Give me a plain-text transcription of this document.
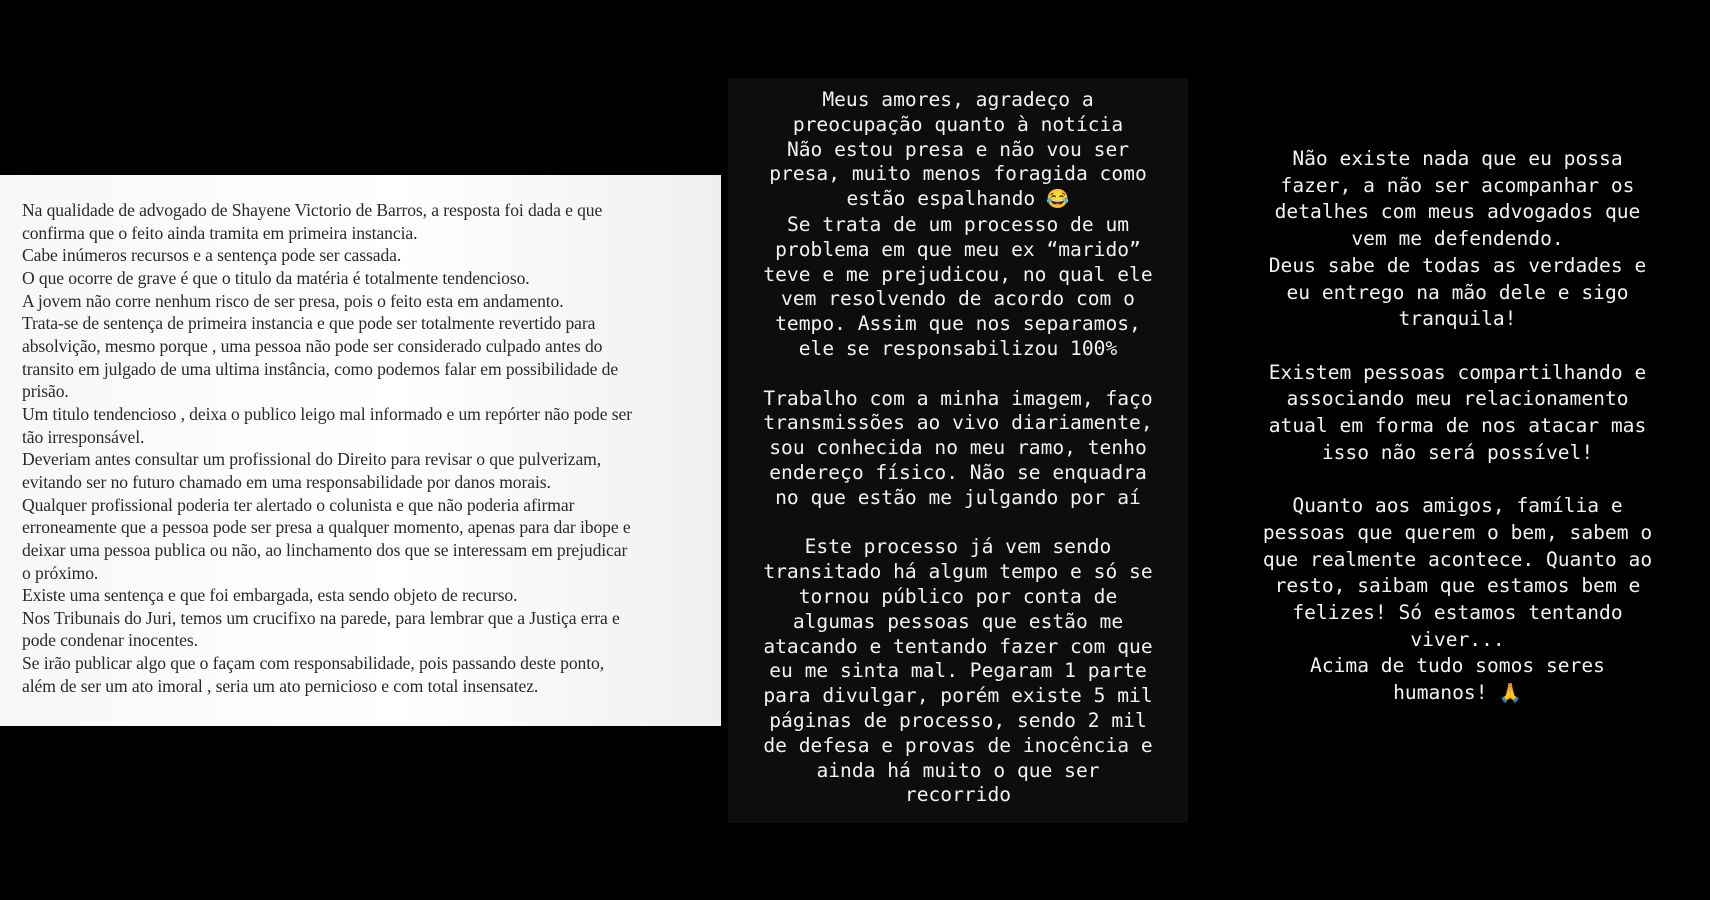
Na qualidade de advogado de Shayene Victorio de Barros, a resposta foi dada e que

confirma que o feito ainda tramita em primeira instancia.

Cabe inúmeros recursos e a sentença pode ser cassada.

O que ocorre de grave é que o titulo da matéria é totalmente tendencioso.

A jovem não corre nenhum risco de ser presa, pois o feito esta em andamento.

Trata-se de sentença de primeira instancia e que pode ser totalmente revertido para

absolvição, mesmo porque , uma pessoa não pode ser considerado culpado antes do

transito em julgado de uma ultima instância, como podemos falar em possibilidade de

prisão.

Um titulo tendencioso , deixa o publico leigo mal informado e um repórter não pode ser

tão irresponsável.

Deveriam antes consultar um profissional do Direito para revisar o que pulverizam,

evitando ser no futuro chamado em uma responsabilidade por danos morais.

Qualquer profissional poderia ter alertado o colunista e que não poderia afirmar

erroneamente que a pessoa pode ser presa a qualquer momento, apenas para dar ibope e

deixar uma pessoa publica ou não, ao linchamento dos que se interessam em prejudicar

o próximo.

Existe uma sentença e que foi embargada, esta sendo objeto de recurso.

Nos Tribunais do Juri, temos um crucifixo na parede, para lembrar que a Justiça erra e

pode condenar inocentes.

Se irão publicar algo que o façam com responsabilidade, pois passando deste ponto,

além de ser um ato imoral , seria um ato pernicioso e com total insensatez.

Meus amores, agradeço a

preocupação quanto à notícia

Não estou presa e não vou ser

presa, muito menos foragida como

estão espalhando 😂

Se trata de um processo de um

problema em que meu ex “marido”

teve e me prejudicou, no qual ele

vem resolvendo de acordo com o

tempo. Assim que nos separamos,

ele se responsabilizou 100%

Trabalho com a minha imagem, faço

transmissões ao vivo diariamente,

sou conhecida no meu ramo, tenho

endereço físico. Não se enquadra

no que estão me julgando por aí

Este processo já vem sendo

transitado há algum tempo e só se

tornou público por conta de

algumas pessoas que estão me

atacando e tentando fazer com que

eu me sinta mal. Pegaram 1 parte

para divulgar, porém existe 5 mil

páginas de processo, sendo 2 mil

de defesa e provas de inocência e

ainda há muito o que ser

recorrido

Não existe nada que eu possa

fazer, a não ser acompanhar os

detalhes com meus advogados que

vem me defendendo.

Deus sabe de todas as verdades e

eu entrego na mão dele e sigo

tranquila!

Existem pessoas compartilhando e

associando meu relacionamento

atual em forma de nos atacar mas

isso não será possível!

Quanto aos amigos, família e

pessoas que querem o bem, sabem o

que realmente acontece. Quanto ao

resto, saibam que estamos bem e

felizes! Só estamos tentando

viver...

Acima de tudo somos seres

humanos! 🙏
